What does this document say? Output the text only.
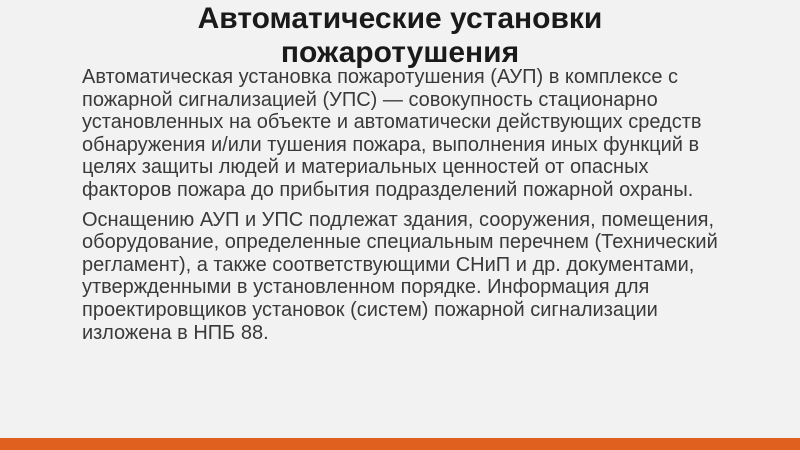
Автоматические установки пожаротушения

Автоматическая установка пожаротушения (АУП) в комплексе с пожарной сигнализацией (УПС) — совокупность стационарно установленных на объекте и автоматически действующих средств обнаружения и/или тушения пожара, выполнения иных функций в целях защиты людей и материальных ценностей от опасных факторов пожара до прибытия подразделений пожарной охраны.

Оснащению АУП и УПС подлежат здания, сооружения, помещения, оборудование, определенные специальным перечнем (Технический регламент), а также соответствующими СНиП и др. документами, утвержденными в установленном порядке. Информация для проектировщиков установок (систем) пожарной сигнализации изложена в НПБ 88.
